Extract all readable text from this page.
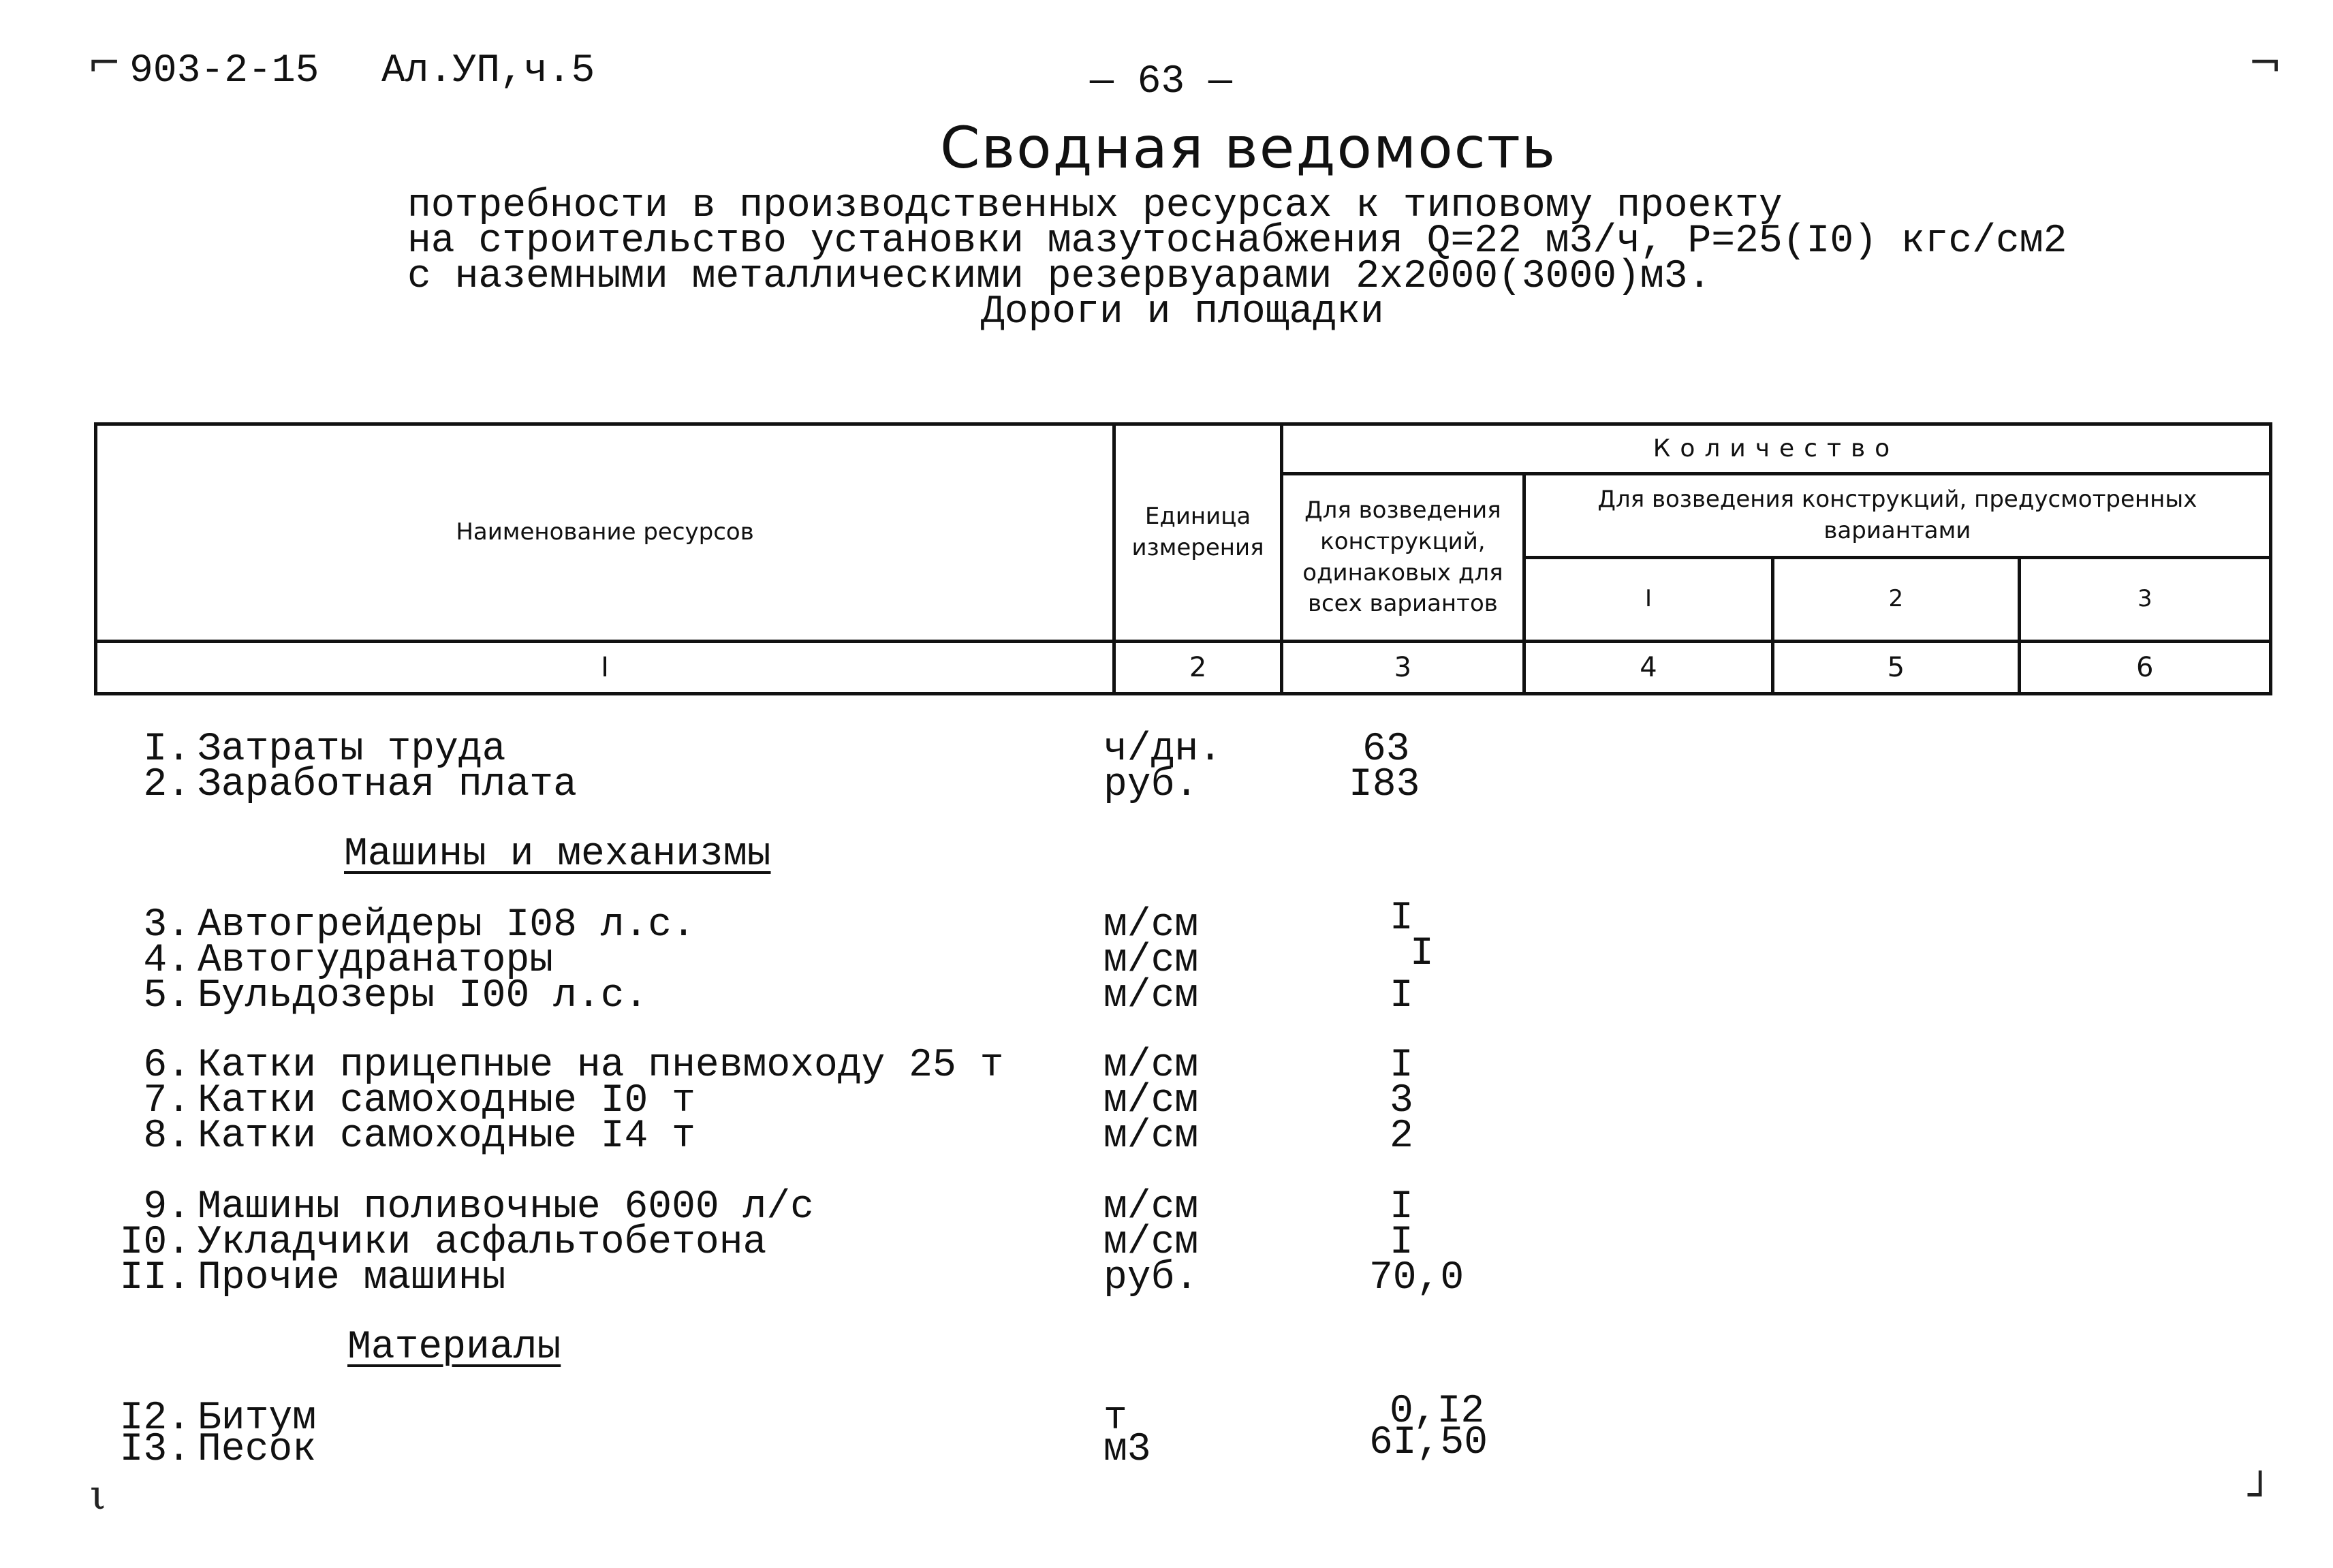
⌐	¬
ι	┘
903-2-15 Ал.УП,ч.5	— 63 —
Сводная ведомость
потребности в производственных ресурсах к типовому проекту
на строительство установки мазутоснабжения Q=22 м3/ч, Р=25(I0) кгс/см2
с наземными металлическими резервуарами 2x2000(3000)м3.
Дороги и площадки
Наименование ресурсов	Единица измерения	Количество			
		Для возведения конструкций, одинаковых для всех вариантов	Для возведения конструкций, предусмотренных вариантами		
			I	2	3
I	2	3	4	5	6
I. Затраты труда	ч/дн.	63
2. Заработная плата	руб.	I83
Машины и механизмы
3. Автогрейдеры I08 л.с.	м/см	I
4. Автогудранаторы	м/см	I
5. Бульдозеры I00 л.с.	м/см	I
6. Катки прицепные на пневмоходу 25 т	м/см	I
7. Катки самоходные I0 т	м/см	3
8. Катки самоходные I4 т	м/см	2
9. Машины поливочные 6000 л/с	м/см	I
I0. Укладчики асфальтобетона	м/см	I
II. Прочие машины	руб.	70,0
Материалы
I2. Битум	т	0,I2
I3. Песок	м3	6I,50
